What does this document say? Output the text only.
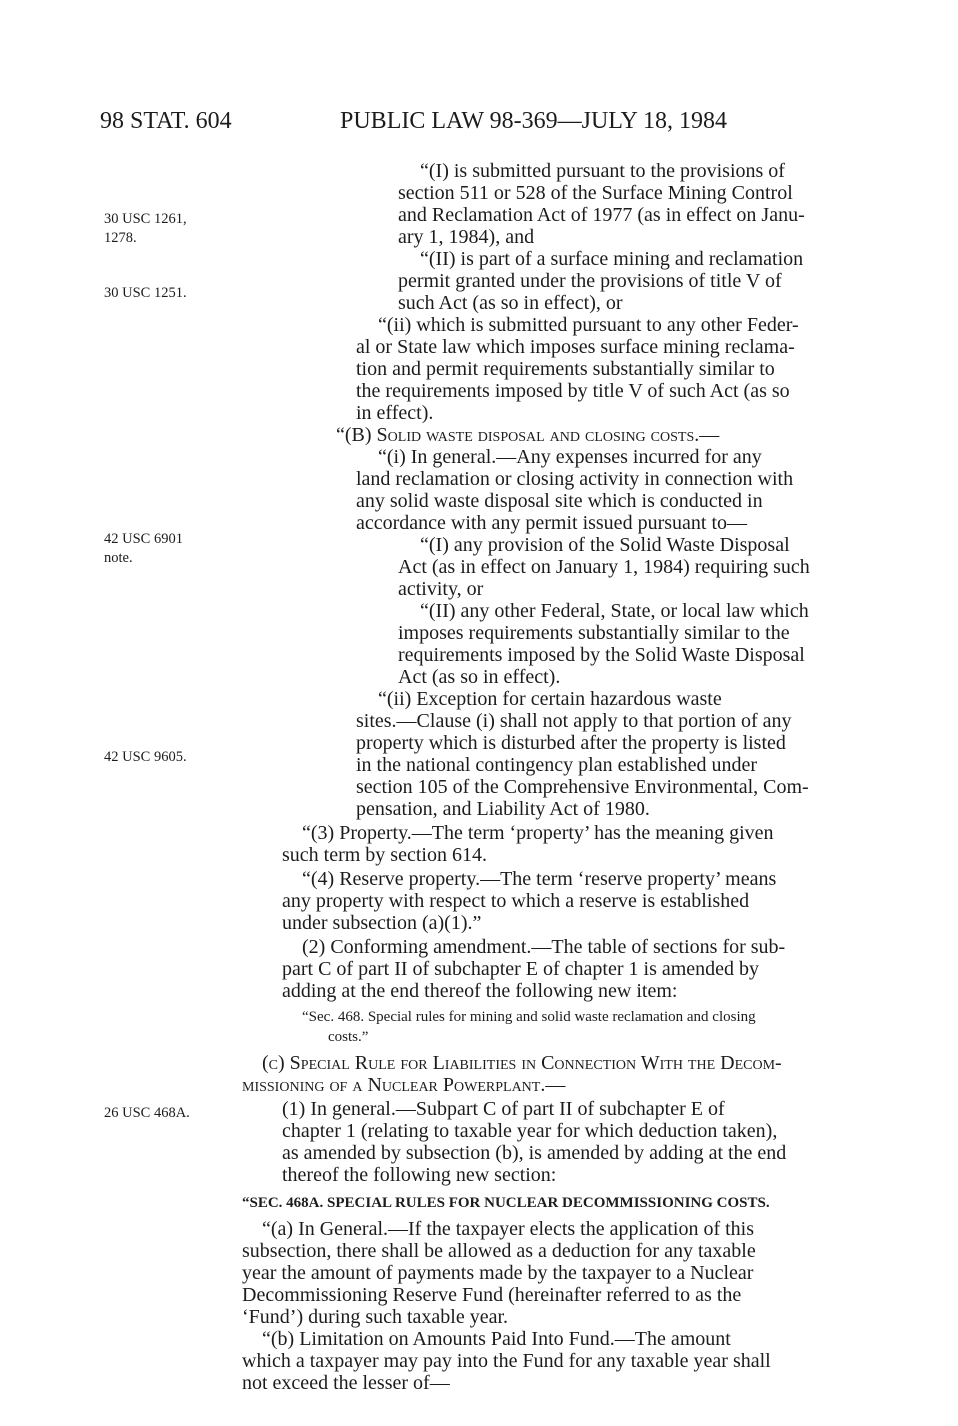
98 STAT. 604	PUBLIC LAW 98-369—JULY 18, 1984
30 USC 1261,
1278.
30 USC 1251.
42 USC 6901
note.
42 USC 9605.
26 USC 468A.
“(I) is submitted pursuant to the provisions of
section 511 or 528 of the Surface Mining Control
and Reclamation Act of 1977 (as in effect on Janu-
ary 1, 1984), and
“(II) is part of a surface mining and reclamation
permit granted under the provisions of title V of
such Act (as so in effect), or
“(ii) which is submitted pursuant to any other Feder-
al or State law which imposes surface mining reclama-
tion and permit requirements substantially similar to
the requirements imposed by title V of such Act (as so
in effect).
“(B) Solid waste disposal and closing costs.—
“(i) In general.—Any expenses incurred for any
land reclamation or closing activity in connection with
any solid waste disposal site which is conducted in
accordance with any permit issued pursuant to—
“(I) any provision of the Solid Waste Disposal
Act (as in effect on January 1, 1984) requiring such
activity, or
“(II) any other Federal, State, or local law which
imposes requirements substantially similar to the
requirements imposed by the Solid Waste Disposal
Act (as so in effect).
“(ii) Exception for certain hazardous waste
sites.—Clause (i) shall not apply to that portion of any
property which is disturbed after the property is listed
in the national contingency plan established under
section 105 of the Comprehensive Environmental, Com-
pensation, and Liability Act of 1980.
“(3) Property.—The term ‘property’ has the meaning given
such term by section 614.
“(4) Reserve property.—The term ‘reserve property’ means
any property with respect to which a reserve is established
under subsection (a)(1).”
(2) Conforming amendment.—The table of sections for sub-
part C of part II of subchapter E of chapter 1 is amended by
adding at the end thereof the following new item:
“Sec. 468. Special rules for mining and solid waste reclamation and closing
costs.”
(c) Special Rule for Liabilities in Connection With the Decom-
missioning of a Nuclear Powerplant.—
(1) In general.—Subpart C of part II of subchapter E of
chapter 1 (relating to taxable year for which deduction taken),
as amended by subsection (b), is amended by adding at the end
thereof the following new section:
“SEC. 468A. SPECIAL RULES FOR NUCLEAR DECOMMISSIONING COSTS.
“(a) In General.—If the taxpayer elects the application of this
subsection, there shall be allowed as a deduction for any taxable
year the amount of payments made by the taxpayer to a Nuclear
Decommissioning Reserve Fund (hereinafter referred to as the
‘Fund’) during such taxable year.
“(b) Limitation on Amounts Paid Into Fund.—The amount
which a taxpayer may pay into the Fund for any taxable year shall
not exceed the lesser of—
